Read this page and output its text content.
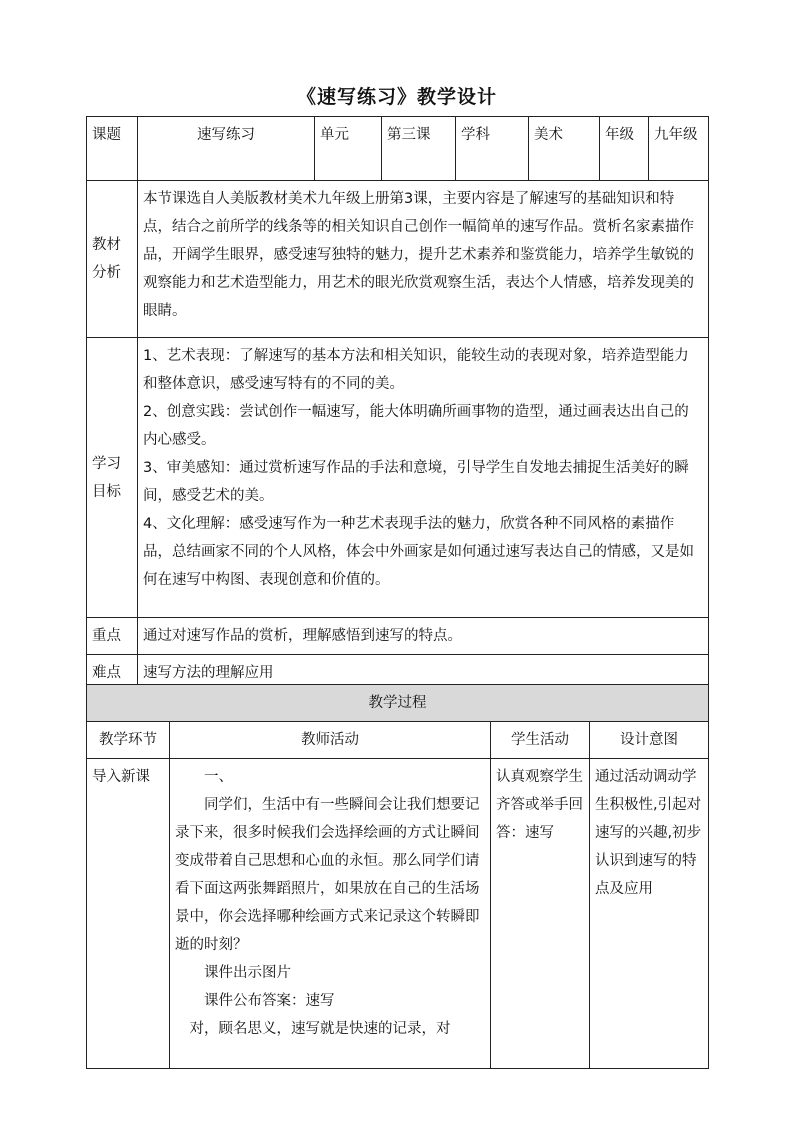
《速写练习》教学设计
课题	速写练习	单元	第三课	学科	美术	年级	九年级
教材分析	本节课选自人美版教材美术九年级上册第3课，主要内容是了解速写的基础知识和特点，结合之前所学的线条等的相关知识自己创作一幅简单的速写作品。赏析名家素描作品，开阔学生眼界，感受速写独特的魅力，提升艺术素养和鉴赏能力，培养学生敏锐的观察能力和艺术造型能力，用艺术的眼光欣赏观察生活，表达个人情感，培养发现美的眼睛。						
学习目标	1、艺术表现：了解速写的基本方法和相关知识，能较生动的表现对象，培养造型能力和整体意识，感受速写特有的不同的美。

2、创意实践：尝试创作一幅速写，能大体明确所画事物的造型，通过画表达出自己的内心感受。

3、审美感知：通过赏析速写作品的手法和意境，引导学生自发地去捕捉生活美好的瞬间，感受艺术的美。

4、文化理解：感受速写作为一种艺术表现手法的魅力，欣赏各种不同风格的素描作品，总结画家不同的个人风格，体会中外画家是如何通过速写表达自己的情感，又是如何在速写中构图、表现创意和价值的。						

重点	通过对速写作品的赏析，理解感悟到速写的特点。						
难点	速写方法的理解应用						
教学过程			
教学环节	教师活动	学生活动	设计意图
导入新课	一、

同学们，生活中有一些瞬间会让我们想要记录下来，很多时候我们会选择绘画的方式让瞬间变成带着自己思想和心血的永恒。那么同学们请看下面这两张舞蹈照片，如果放在自己的生活场景中，你会选择哪种绘画方式来记录这个转瞬即逝的时刻？

课件出示图片

课件公布答案：速写

对，顾名思义，速写就是快速的记录，对	认真观察学生齐答或举手回答：速写	通过活动调动学生积极性,引起对速写的兴趣,初步认识到速写的特点及应用
